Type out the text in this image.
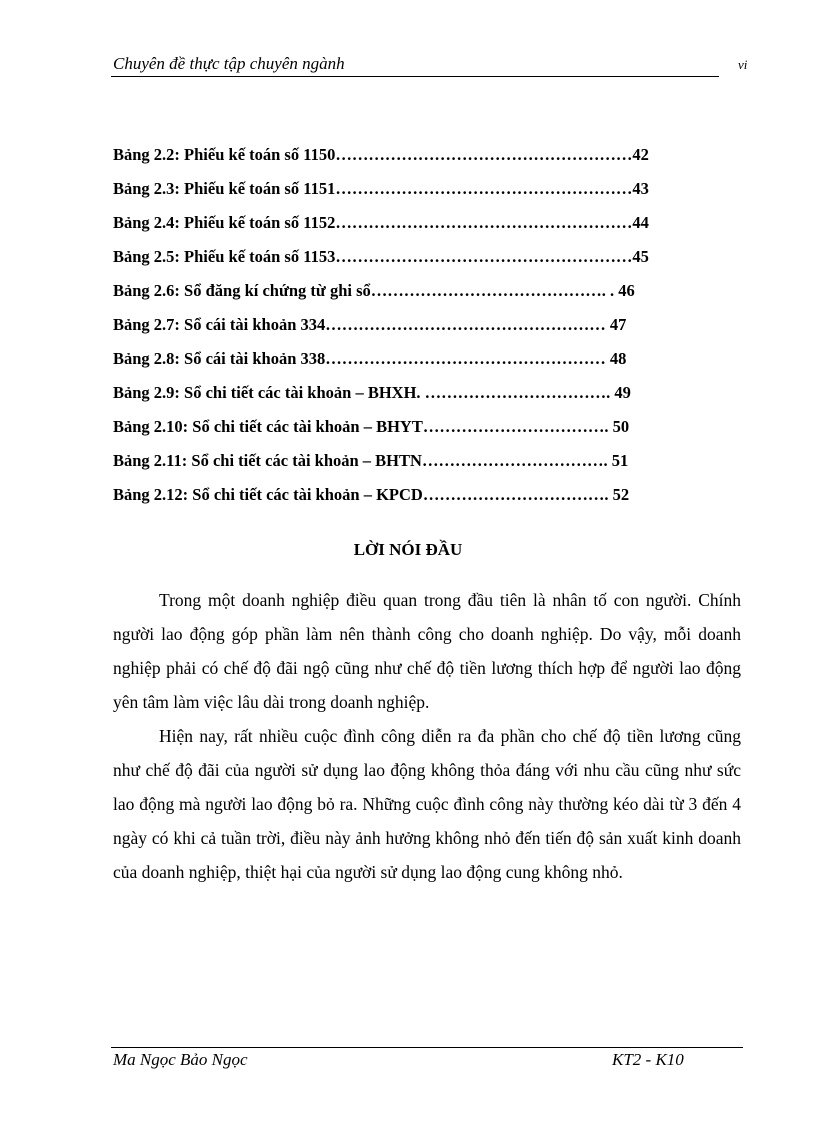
Chuyên đề thực tập chuyên ngành	vi
Bảng 2.2: Phiếu kế toán số 1150………………………………………………42
Bảng 2.3: Phiếu kế toán số 1151………………………………………………43
Bảng 2.4: Phiếu kế toán số 1152………………………………………………44
Bảng 2.5: Phiếu kế toán số 1153………………………………………………45
Bảng 2.6: Sổ đăng kí chứng từ ghi sổ……………………………………. . 46
Bảng 2.7: Sổ cái tài khoản 334…………………………………………… 47
Bảng 2.8: Sổ cái tài khoản 338…………………………………………… 48
Bảng 2.9: Sổ chi tiết các tài khoản – BHXH. ……………………………. 49
Bảng 2.10: Sổ chi tiết các tài khoản – BHYT……………………………. 50
Bảng 2.11: Sổ chi tiết các tài khoản – BHTN……………………………. 51
Bảng 2.12: Sổ chi tiết các tài khoản – KPCD……………………………. 52
LỜI NÓI ĐẦU

Trong một doanh nghiệp điều quan trong đầu tiên là nhân tố con người. Chính người lao động góp phần làm nên thành công cho doanh nghiệp. Do vậy, mỗi doanh nghiệp phải có chế độ đãi ngộ cũng như chế độ tiền lương thích hợp để người lao động yên tâm làm việc lâu dài trong doanh nghiệp.

Hiện nay, rất nhiều cuộc đình công diễn ra đa phần cho chế độ tiền lương cũng như chế độ đãi của người sử dụng lao động không thỏa đáng với nhu cầu cũng như sức lao động mà người lao động bỏ ra. Những cuộc đình công này thường kéo dài từ 3 đến 4 ngày có khi cả tuần trời, điều này ảnh hưởng không nhỏ đến tiến độ sản xuất kinh doanh của doanh nghiệp, thiệt hại của người sử dụng lao động cung không nhỏ.

Ma Ngọc Bảo Ngọc	KT2 - K10
